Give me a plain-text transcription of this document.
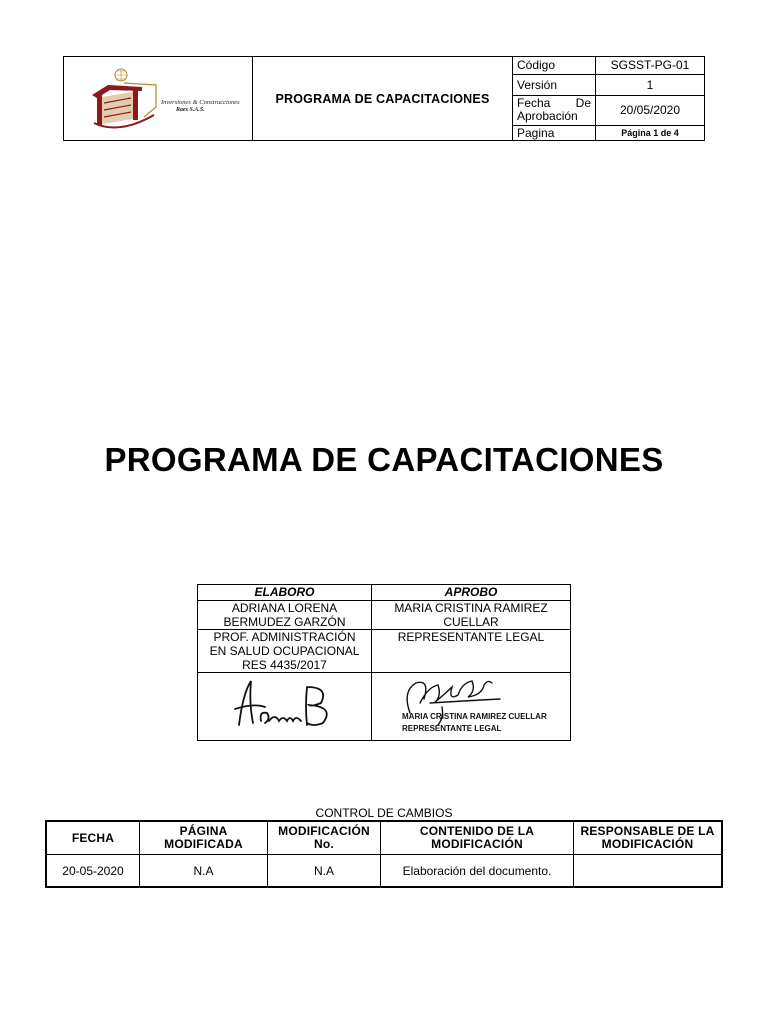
Inversiones & Construcciones
Raes S.A.S.
PROGRAMA DE CAPACITACIONES
Código	SGSST-PG-01
Versión	1
Fecha De
Aprobación	20/05/2020
Pagina	Página 1 de 4
PROGRAMA DE CAPACITACIONES
ELABORO	APROBO
ADRIANA LORENA BERMUDEZ GARZÓN	MARIA CRISTINA RAMIREZ CUELLAR
PROF. ADMINISTRACIÓN EN SALUD OCUPACIONAL RES 4435/2017	REPRESENTANTE LEGAL

MARIA CRISTINA RAMIREZ CUELLAR
REPRESENTANTE LEGAL
CONTROL DE CAMBIOS
FECHA	PÁGINA MODIFICADA	MODIFICACIÓN No.	CONTENIDO DE LA MODIFICACIÓN	RESPONSABLE DE LA MODIFICACIÓN
20-05-2020	N.A	N.A	Elaboración del documento.	
